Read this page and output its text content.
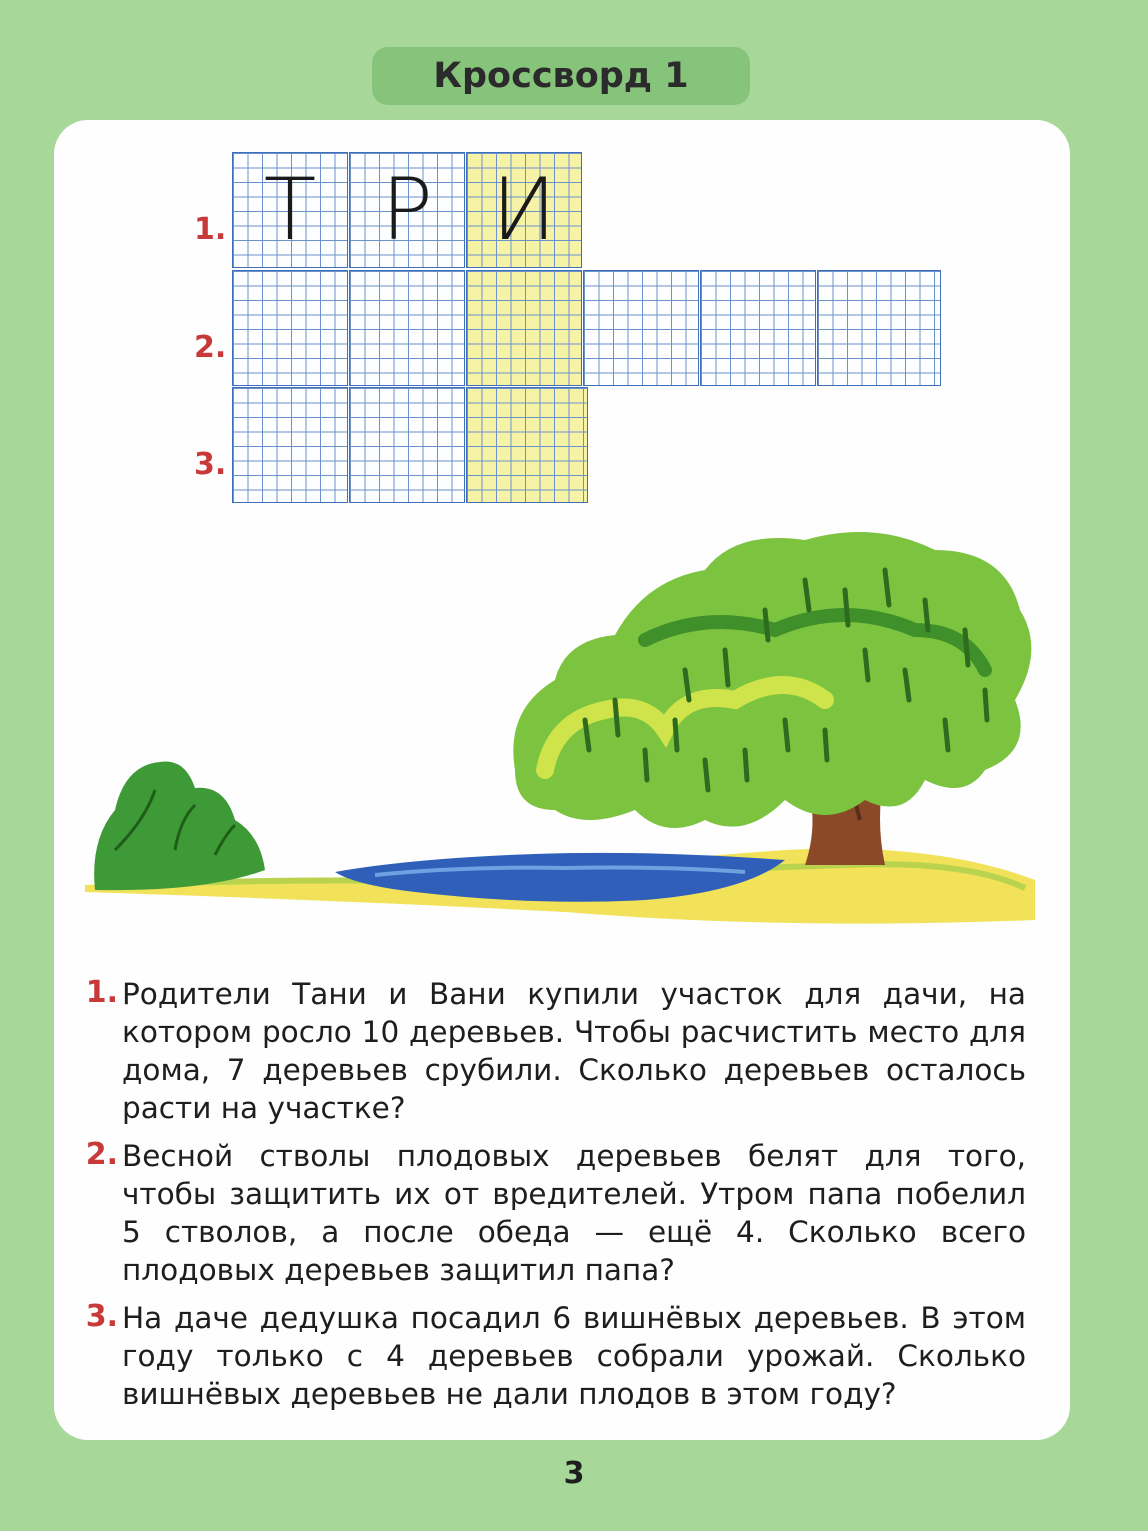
Кроссворд 1
1.
2.
3.
Т Р И
1. Родители Тани и Вани купили участок для дачи, на котором росло 10 деревьев. Чтобы расчистить место для дома, 7 деревьев срубили. Сколько деревьев осталось расти на участке?
2. Весной стволы плодовых деревьев белят для того, чтобы защитить их от вредителей. Утром папа побелил 5 стволов, а после обеда — ещё 4. Сколько всего плодовых деревьев защитил папа?
3. На даче дедушка посадил 6 вишнёвых деревьев. В этом году только с 4 деревьев собрали урожай. Сколько вишнёвых деревьев не дали плодов в этом году?
3
